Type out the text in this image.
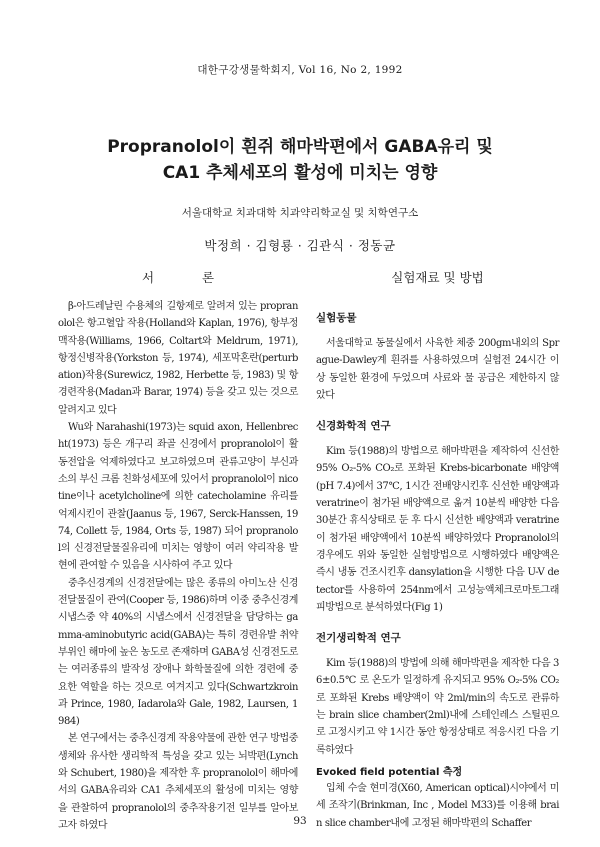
대한구강생물학회지, Vol 16, No 2, 1992
Propranolol이 흰쥐 해마박편에서 GABA유리 및
CA1 추체세포의 활성에 미치는 영향
서울대학교 치과대학 치과약리학교실 및 치학연구소
박정희 · 김형룡 · 김관식 · 정동균
서 론

β-아드레날린 수용체의 길항제로 알려져 있는 propranolol은 항고혈압 작용(Holland와 Kaplan, 1976), 항부정맥작용(Williams, 1966, Coltart와 Meldrum, 1971), 항정신병작용(Yorkston 등, 1974), 세포막혼란(perturbation)작용(Surewicz, 1982, Herbette 등, 1983) 및 항경련작용(Madan과 Barar, 1974) 등을 갖고 있는 것으로 알려지고 있다

Wu와 Narahashi(1973)는 squid axon, Hellenbrecht(1973) 등은 개구리 좌골 신경에서 propranolol이 활동전압을 억제하였다고 보고하였으며 관류고양이 부신과 소의 부신 크롬 친화성세포에 있어서 propranolol이 nicotine이나 acetylcholine에 의한 catecholamine 유리를 억제시킨이 관찰(Jaanus 등, 1967, Serck-Hanssen, 1974, Collett 등, 1984, Orts 등, 1987) 되어 propranolol의 신경전달물질유리에 미치는 영향이 여러 약리작용 발현에 관여할 수 있음을 시사하여 주고 있다

중추신경계의 신경전달에는 많은 종류의 아미노산 신경전달물질이 관여(Cooper 등, 1986)하며 이중 중추신경계 시냅스중 약 40%의 시냅스에서 신경전달을 담당하는 gamma-aminobutyric acid(GABA)는 특히 경련유발 취약부위인 해마에 높은 농도로 존재하며 GABA성 신경전도로는 여러종류의 발작성 장애나 화학물질에 의한 경련에 중요한 역할을 하는 것으로 여겨지고 있다(Schwartzkroin과 Prince, 1980, Iadarola와 Gale, 1982, Laursen, 1984)

본 연구에서는 중추신경계 작용약물에 관한 연구 방법중 생체와 유사한 생리학적 특성을 갖고 있는 뇌박편(Lynch와 Schubert, 1980)을 제작한 후 propranolol이 해마에서의 GABA유리와 CA1 추체세포의 활성에 미치는 영향을 관찰하여 propranolol의 중추작용기전 일부를 알아보고자 하였다

실험재료 및 방법
실험동물

서울대학교 동물실에서 사육한 체중 200gm내외의 Sprague-Dawley계 흰쥐를 사용하였으며 실험전 24시간 이상 동일한 환경에 두었으며 사료와 물 공급은 제한하지 않았다

신경화학적 연구

Kim 등(1988)의 방법으로 해마박편을 제작하여 신선한 95% O₂-5% CO₂로 포화된 Krebs-bicarbonate 배양액(pH 7.4)에서 37℃, 1시간 전배양시킨후 신선한 배양액과 veratrine이 첨가된 배양액으로 옮겨 10분씩 배양한 다음 30분간 휴식상태로 둔 후 다시 신선한 배양액과 veratrine이 첨가된 배양액에서 10분씩 배양하였다 Propranolol의 경우에도 위와 동일한 실험방법으로 시행하였다 배양액은 즉시 냉동 건조시킨후 dansylation을 시행한 다음 U-V detector를 사용하여 254nm에서 고성능액체크로마토그래피방법으로 분석하였다(Fig 1)

전기생리학적 연구

Kim 등(1988)의 방법에 의해 해마박편을 제작한 다음 36±0.5℃ 로 온도가 일정하게 유지되고 95% O₂-5% CO₂로 포화된 Krebs 배양액이 약 2ml/min의 속도로 관류하는 brain slice chamber(2ml)내에 스테인레스 스틸핀으로 고정시키고 약 1시간 동안 항정상태로 적응시킨 다음 기록하였다

Evoked field potential 측정

입체 수술 현미경(X60, American optical)시야에서 미세 조작기(Brinkman, Inc , Model M33)를 이용해 brain slice chamber내에 고정된 해마박편의 Schaffer

93
